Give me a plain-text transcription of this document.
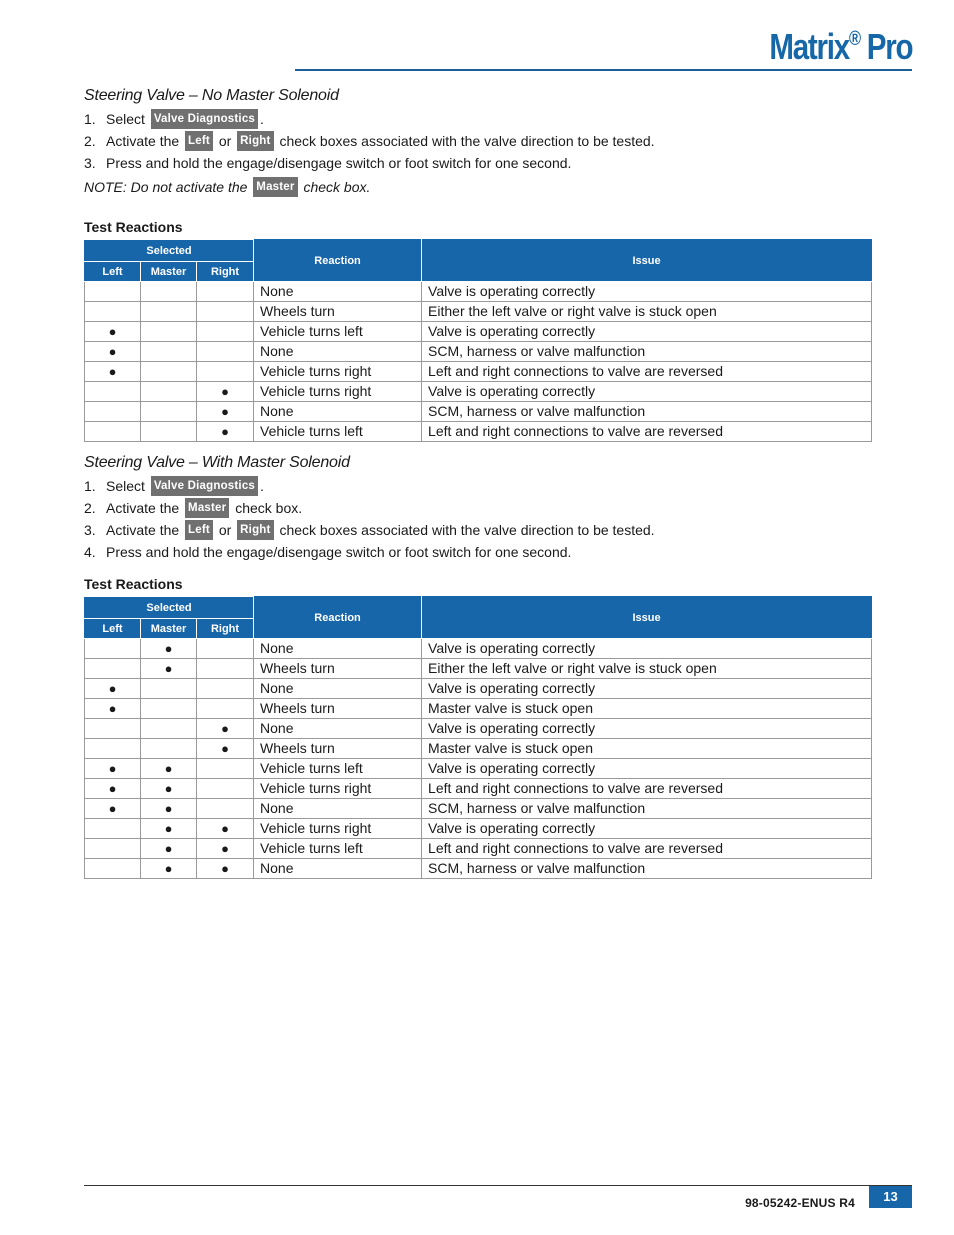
Matrix® Pro
Steering Valve – No Master Solenoid
1. Select
Valve Diagnostics .
2. Activate the
Left
or
Right
check boxes associated with the valve direction to be tested.
3. Press and hold the engage/disengage switch or foot switch for one second.
NOTE: Do not activate the
Master
check box.
Test Reactions
Selected			Reaction	Issue
Left	Master	Right		
			None	Valve is operating correctly
			Wheels turn	Either the left valve or right valve is stuck open
●			Vehicle turns left	Valve is operating correctly
●			None	SCM, harness or valve malfunction
●			Vehicle turns right	Left and right connections to valve are reversed
		●	Vehicle turns right	Valve is operating correctly
		●	None	SCM, harness or valve malfunction
		●	Vehicle turns left	Left and right connections to valve are reversed
Steering Valve – With Master Solenoid
1. Select
Valve Diagnostics .
2. Activate the
Master
check box.
3. Activate the
Left
or
Right
check boxes associated with the valve direction to be tested.
4. Press and hold the engage/disengage switch or foot switch for one second.
Test Reactions
Selected			Reaction	Issue
Left	Master	Right		
	●		None	Valve is operating correctly
	●		Wheels turn	Either the left valve or right valve is stuck open
●			None	Valve is operating correctly
●			Wheels turn	Master valve is stuck open
		●	None	Valve is operating correctly
		●	Wheels turn	Master valve is stuck open
●	●		Vehicle turns left	Valve is operating correctly
●	●		Vehicle turns right	Left and right connections to valve are reversed
●	●		None	SCM, harness or valve malfunction
	●	●	Vehicle turns right	Valve is operating correctly
	●	●	Vehicle turns left	Left and right connections to valve are reversed
	●	●	None	SCM, harness or valve malfunction
98-05242-ENUS R4	13
